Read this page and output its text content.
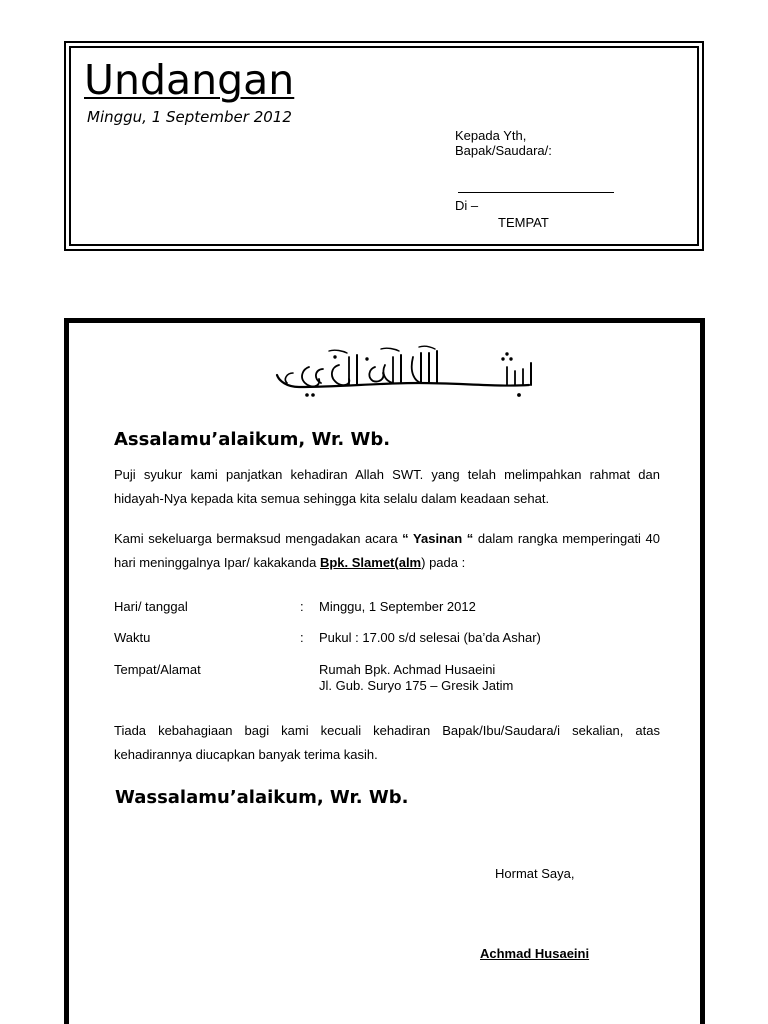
Undangan
Minggu, 1 September 2012
Kepada Yth,
Bapak/Saudara/:
Di –
TEMPAT
Assalamu’alaikum, Wr. Wb.
Puji syukur kami panjatkan kehadiran Allah SWT. yang telah melimpahkan rahmat dan hidayah-Nya kepada kita semua sehingga kita selalu dalam keadaan sehat.
Kami sekeluarga bermaksud mengadakan acara “ Yasinan “ dalam rangka memperingati 40 hari meninggalnya Ipar/ kakakanda Bpk. Slamet(alm) pada :
Hari/ tanggal	: Minggu, 1 September 2012
Waktu	: Pukul : 17.00 s/d selesai (ba’da Ashar)
Tempat/Alamat	Rumah Bpk. Achmad Husaeini
Jl. Gub. Suryo 175 – Gresik Jatim
Tiada kebahagiaan bagi kami kecuali kehadiran Bapak/Ibu/Saudara/i sekalian, atas kehadirannya diucapkan banyak terima kasih.
Wassalamu’alaikum, Wr. Wb.
Hormat Saya,
Achmad Husaeini
